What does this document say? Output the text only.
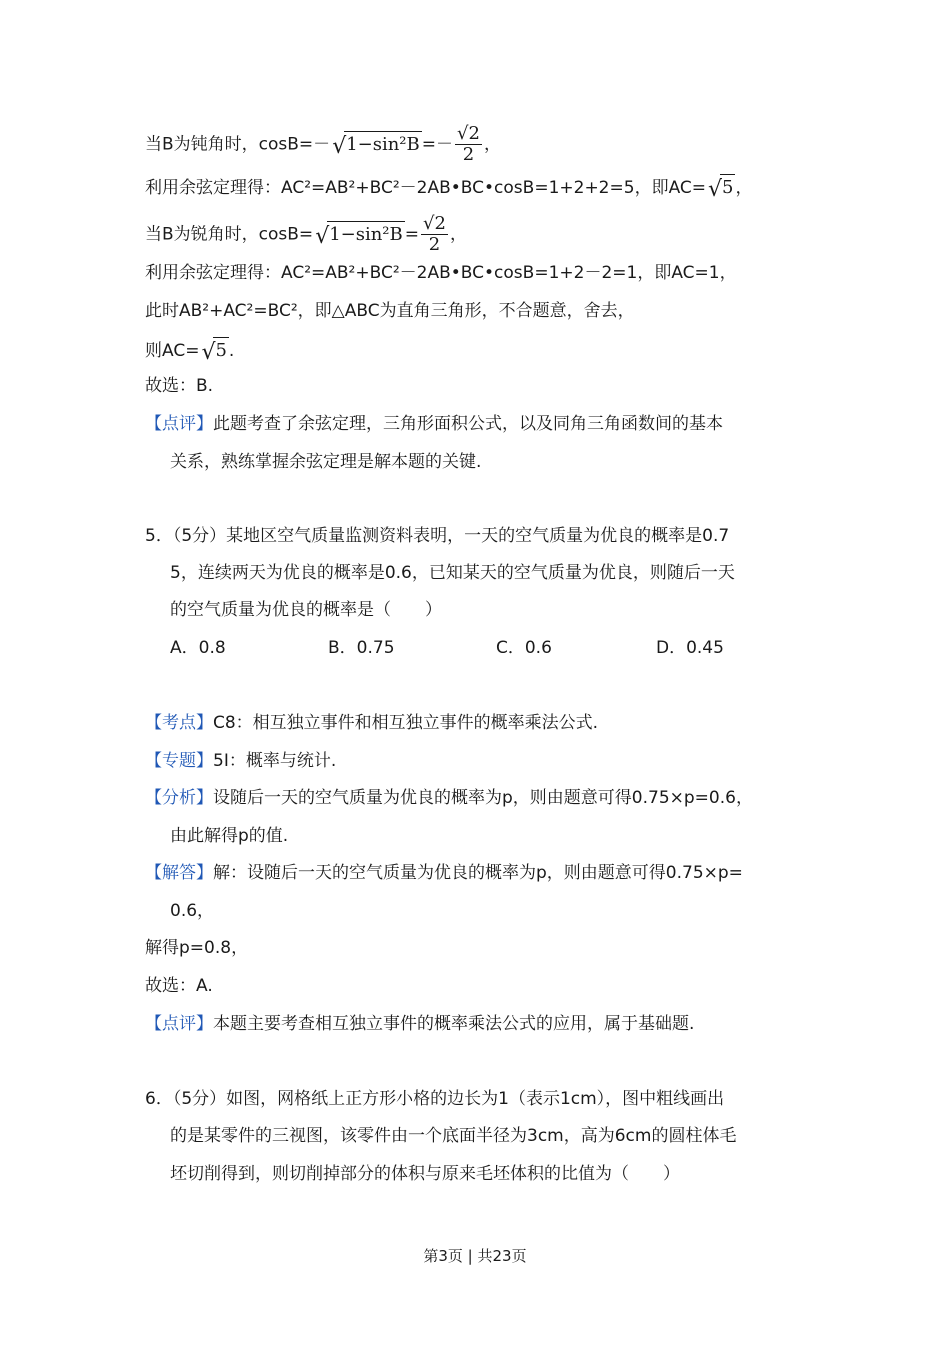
当B为钝角时，cosB=－ √ $1-\sin^2B =- \frac{√2}{2}$ ，
利用余弦定理得：AC²=AB²+BC²－2AB•BC•cosB=1+2+2=5，即AC= √ 5 ，
当B为锐角时，cosB= √ $1-\sin^2B = \frac{√2}{2}$ ，
利用余弦定理得：AC²=AB²+BC²－2AB•BC•cosB=1+2－2=1，即AC=1，
此时AB²+AC²=BC²，即△ABC为直角三角形，不合题意，舍去，
则AC= √ 5 .
故选：B.
【点评】此题考查了余弦定理，三角形面积公式，以及同角三角函数间的基本
关系，熟练掌握余弦定理是解本题的关键.
5．（5分）某地区空气质量监测资料表明，一天的空气质量为优良的概率是0.7
5，连续两天为优良的概率是0.6，已知某天的空气质量为优良，则随后一天
的空气质量为优良的概率是（　　）
A．0.8	B．0.75	C．0.6	D．0.45
【考点】C8：相互独立事件和相互独立事件的概率乘法公式.
【专题】5I：概率与统计.
【分析】设随后一天的空气质量为优良的概率为p，则由题意可得0.75×p=0.6，
由此解得p的值.
【解答】解：设随后一天的空气质量为优良的概率为p，则由题意可得0.75×p=
0.6，
解得p=0.8，
故选：A.
【点评】本题主要考查相互独立事件的概率乘法公式的应用，属于基础题.
6．（5分）如图，网格纸上正方形小格的边长为1（表示1cm），图中粗线画出
的是某零件的三视图，该零件由一个底面半径为3cm，高为6cm的圆柱体毛
坯切削得到，则切削掉部分的体积与原来毛坯体积的比值为（　　）
第3页 | 共23页
